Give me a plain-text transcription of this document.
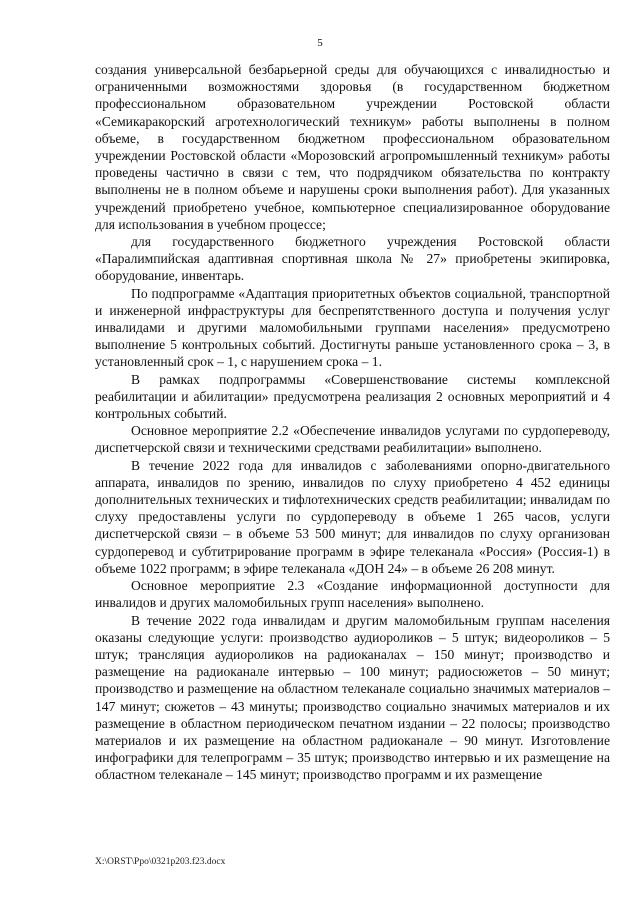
5

создания универсальной безбарьерной среды для обучающихся с инвалидностью и ограниченными возможностями здоровья (в государственном бюджетном профессиональном образовательном учреждении Ростовской области «Семикаракорский агротехнологический техникум» работы выполнены в полном объеме, в государственном бюджетном профессиональном образовательном учреждении Ростовской области «Морозовский агропромышленный техникум» работы проведены частично в связи с тем, что подрядчиком обязательства по контракту выполнены не в полном объеме и нарушены сроки выполнения работ). Для указанных учреждений приобретено учебное, компьютерное специализированное оборудование для использования в учебном процессе;

для государственного бюджетного учреждения Ростовской области «Паралимпийская адаптивная спортивная школа № 27» приобретены экипировка, оборудование, инвентарь.

По подпрограмме «Адаптация приоритетных объектов социальной, транспортной и инженерной инфраструктуры для беспрепятственного доступа и получения услуг инвалидами и другими маломобильными группами населения» предусмотрено выполнение 5 контрольных событий. Достигнуты раньше установленного срока – 3, в установленный срок – 1, с нарушением срока – 1.

В рамках подпрограммы «Совершенствование системы комплексной реабилитации и абилитации» предусмотрена реализация 2 основных мероприятий и 4 контрольных событий.

Основное мероприятие 2.2 «Обеспечение инвалидов услугами по сурдопереводу, диспетчерской связи и техническими средствами реабилитации» выполнено.

В течение 2022 года для инвалидов с заболеваниями опорно-двигательного аппарата, инвалидов по зрению, инвалидов по слуху приобретено 4 452 единицы дополнительных технических и тифлотехнических средств реабилитации; инвалидам по слуху предоставлены услуги по сурдопереводу в объеме 1 265 часов, услуги диспетчерской связи – в объеме 53 500 минут; для инвалидов по слуху организован сурдоперевод и субтитрирование программ в эфире телеканала «Россия» (Россия-1) в объеме 1022 программ; в эфире телеканала «ДОН 24» – в объеме 26 208 минут.

Основное мероприятие 2.3 «Создание информационной доступности для инвалидов и других маломобильных групп населения» выполнено.

В течение 2022 года инвалидам и другим маломобильным группам населения оказаны следующие услуги: производство аудиороликов – 5 штук; видеороликов – 5 штук; трансляция аудиороликов на радиоканалах – 150 минут; производство и размещение на радиоканале интервью – 100 минут; радиосюжетов – 50 минут; производство и размещение на областном телеканале социально значимых материалов – 147 минут; сюжетов – 43 минуты; производство социально значимых материалов и их размещение в областном периодическом печатном издании – 22 полосы; производство материалов и их размещение на областном радиоканале – 90 минут. Изготовление инфографики для телепрограмм – 35 штук; производство интервью и их размещение на областном телеканале – 145 минут; производство программ и их размещение

X:\ORST\Ppo\0321p203.f23.docx
